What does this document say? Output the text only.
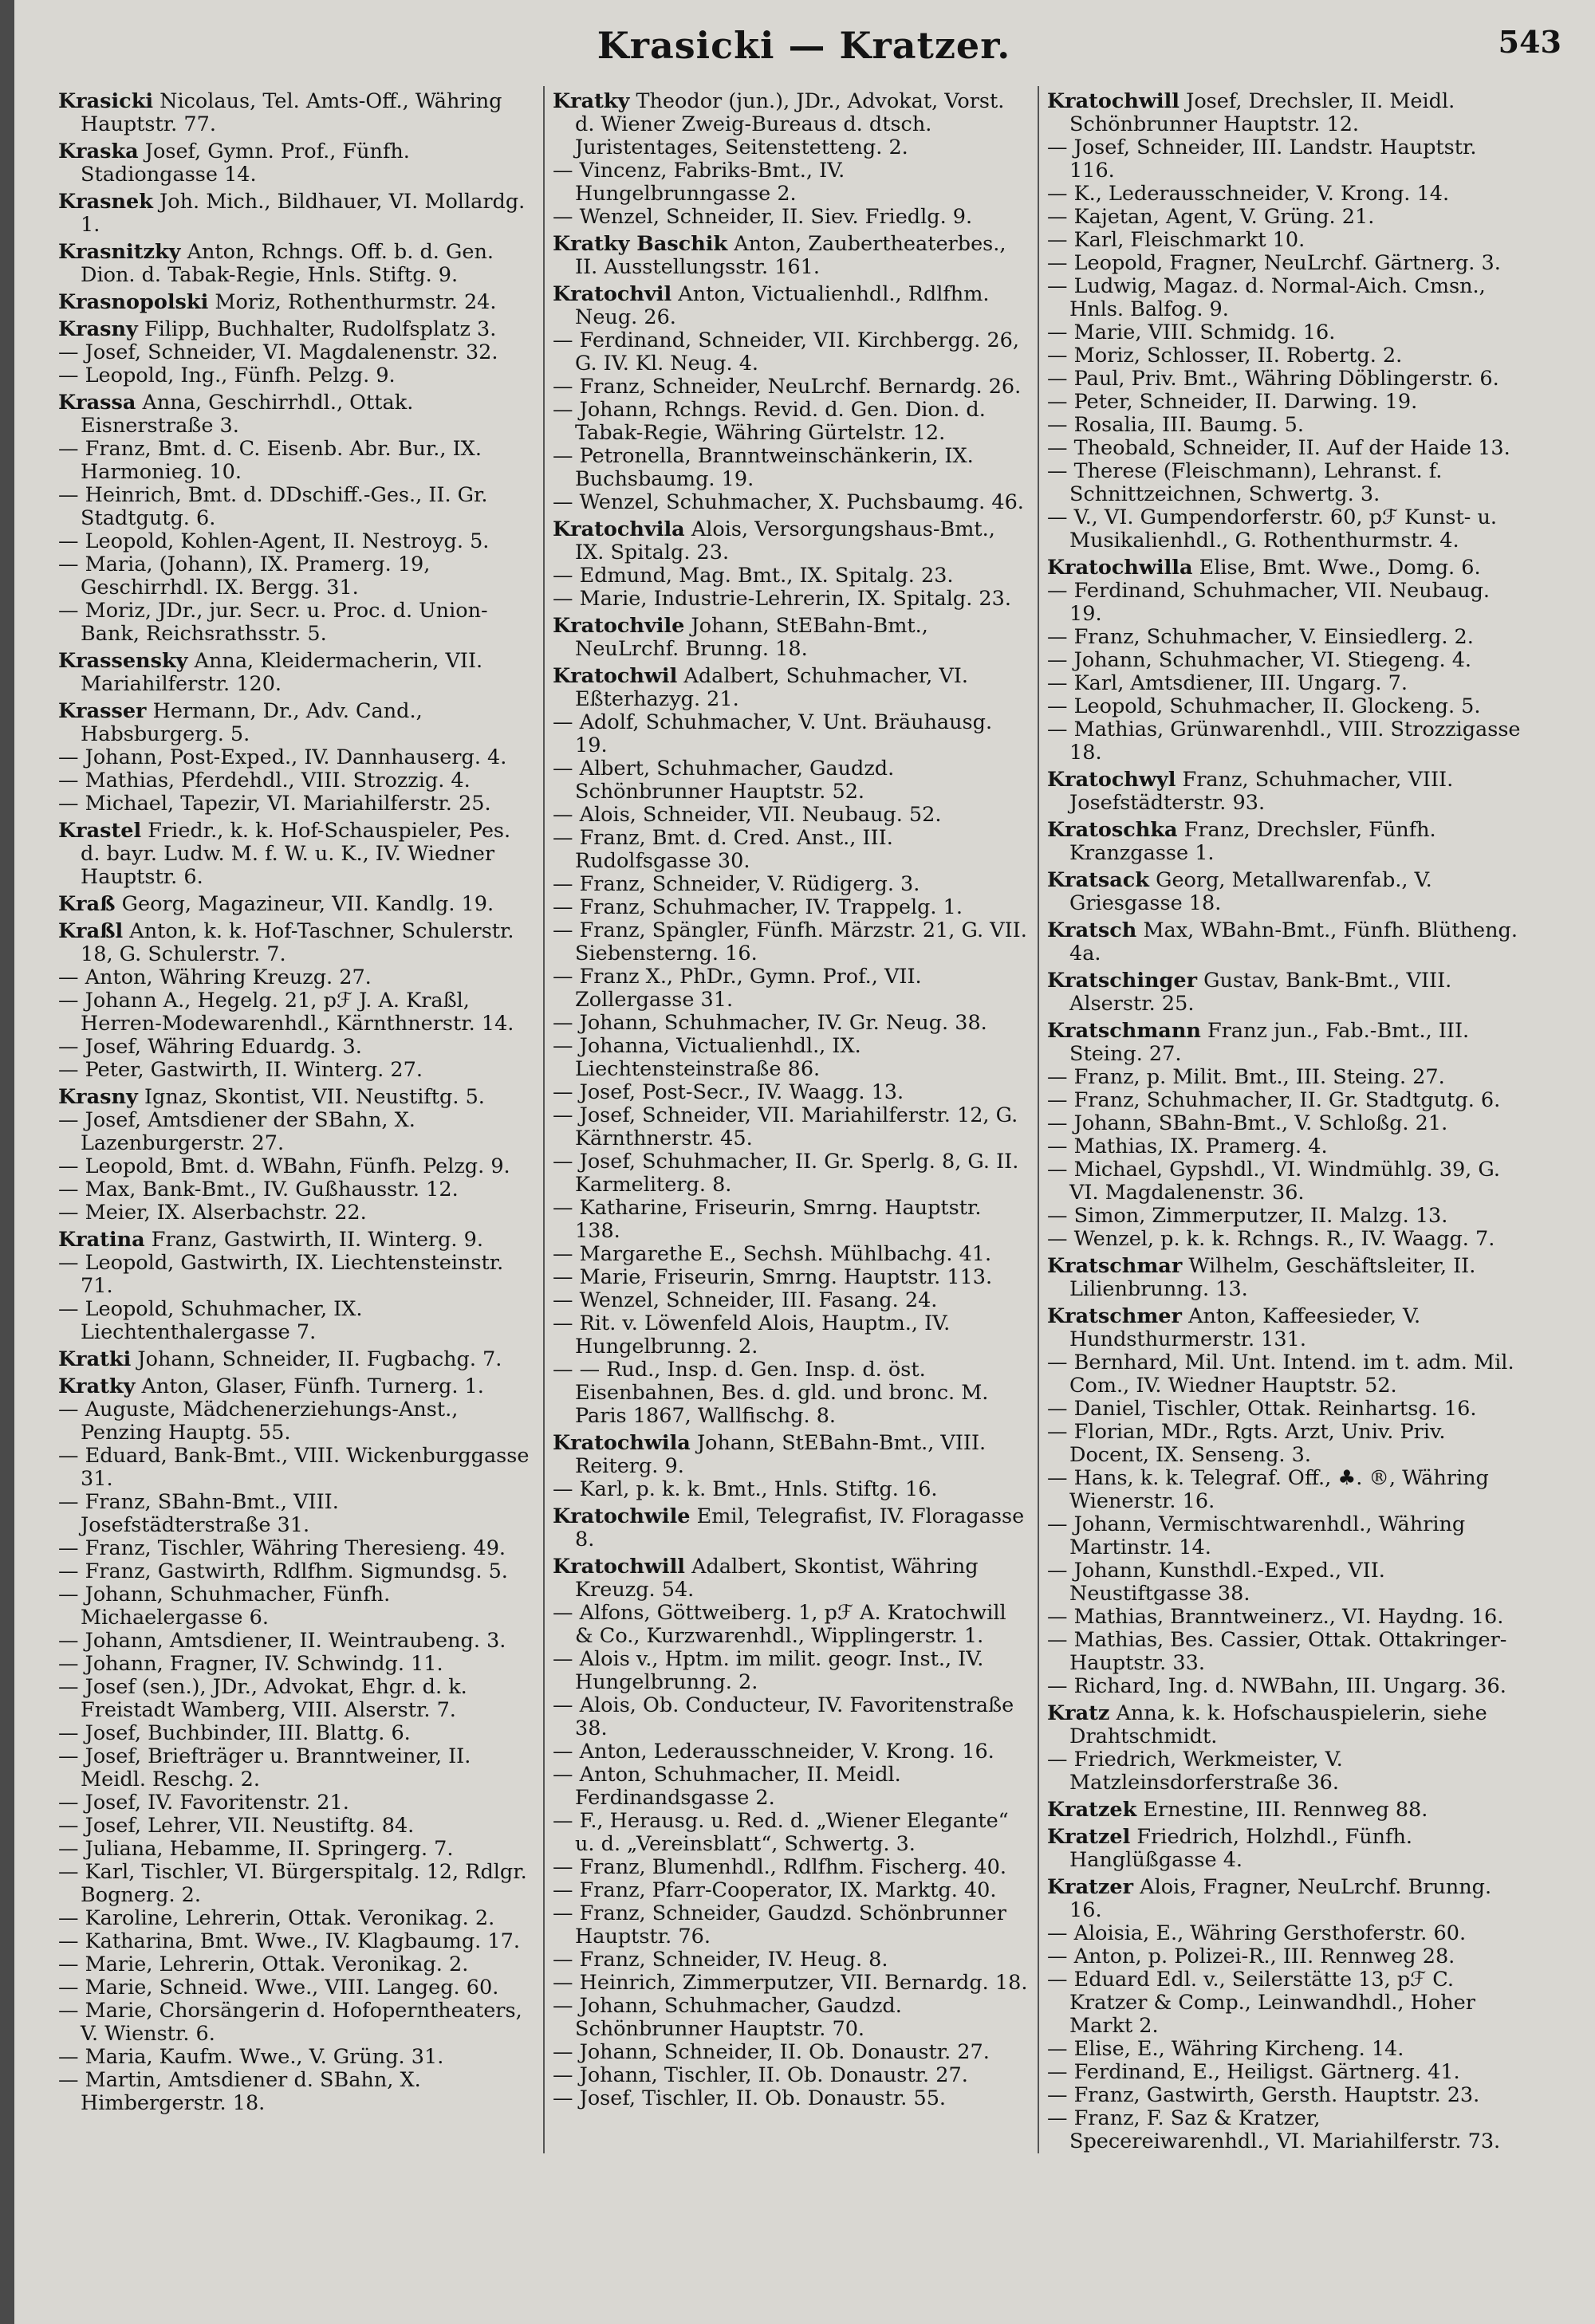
Krasicki — Kratzer.	543

Krasicki Nicolaus, Tel. Amts-Off., Währing Hauptstr. 77.

Kraska Josef, Gymn. Prof., Fünfh. Stadiongasse 14.

Krasnek Joh. Mich., Bildhauer, VI. Mollardg. 1.

Krasnitzky Anton, Rchngs. Off. b. d. Gen. Dion. d. Tabak-Regie, Hnls. Stiftg. 9.

Krasnopolski Moriz, Rothenthurmstr. 24.

Krasny Filipp, Buchhalter, Rudolfsplatz 3.

— Josef, Schneider, VI. Magdalenenstr. 32.

— Leopold, Ing., Fünfh. Pelzg. 9.

Krassa Anna, Geschirrhdl., Ottak. Eisnerstraße 3.

— Franz, Bmt. d. C. Eisenb. Abr. Bur., IX. Harmonieg. 10.

— Heinrich, Bmt. d. DDschiff.-Ges., II. Gr. Stadtgutg. 6.

— Leopold, Kohlen-Agent, II. Nestroyg. 5.

— Maria, (Johann), IX. Pramerg. 19, Geschirrhdl. IX. Bergg. 31.

— Moriz, JDr., jur. Secr. u. Proc. d. Union-Bank, Reichsrathsstr. 5.

Krassensky Anna, Kleidermacherin, VII. Mariahilferstr. 120.

Krasser Hermann, Dr., Adv. Cand., Habsburgerg. 5.

— Johann, Post-Exped., IV. Dannhauserg. 4.

— Mathias, Pferdehdl., VIII. Strozzig. 4.

— Michael, Tapezir, VI. Mariahilferstr. 25.

Krastel Friedr., k. k. Hof-Schauspieler, Pes. d. bayr. Ludw. M. f. W. u. K., IV. Wiedner Hauptstr. 6.

Kraß Georg, Magazineur, VII. Kandlg. 19.

Kraßl Anton, k. k. Hof-Taschner, Schulerstr. 18, G. Schulerstr. 7.

— Anton, Währing Kreuzg. 27.

— Johann A., Hegelg. 21, pℱ J. A. Kraßl, Herren-Modewarenhdl., Kärnthnerstr. 14.

— Josef, Währing Eduardg. 3.

— Peter, Gastwirth, II. Winterg. 27.

Krasny Ignaz, Skontist, VII. Neustiftg. 5.

— Josef, Amtsdiener der SBahn, X. Lazenburgerstr. 27.

— Leopold, Bmt. d. WBahn, Fünfh. Pelzg. 9.

— Max, Bank-Bmt., IV. Gußhausstr. 12.

— Meier, IX. Alserbachstr. 22.

Kratina Franz, Gastwirth, II. Winterg. 9.

— Leopold, Gastwirth, IX. Liechtensteinstr. 71.

— Leopold, Schuhmacher, IX. Liechtenthalergasse 7.

Kratki Johann, Schneider, II. Fugbachg. 7.

Kratky Anton, Glaser, Fünfh. Turnerg. 1.

— Auguste, Mädchenerziehungs-Anst., Penzing Hauptg. 55.

— Eduard, Bank-Bmt., VIII. Wickenburggasse 31.

— Franz, SBahn-Bmt., VIII. Josefstädterstraße 31.

— Franz, Tischler, Währing Theresieng. 49.

— Franz, Gastwirth, Rdlfhm. Sigmundsg. 5.

— Johann, Schuhmacher, Fünfh. Michaelergasse 6.

— Johann, Amtsdiener, II. Weintraubeng. 3.

— Johann, Fragner, IV. Schwindg. 11.

— Josef (sen.), JDr., Advokat, Ehgr. d. k. Freistadt Wamberg, VIII. Alserstr. 7.

— Josef, Buchbinder, III. Blattg. 6.

— Josef, Briefträger u. Branntweiner, II. Meidl. Reschg. 2.

— Josef, IV. Favoritenstr. 21.

— Josef, Lehrer, VII. Neustiftg. 84.

— Juliana, Hebamme, II. Springerg. 7.

— Karl, Tischler, VI. Bürgerspitalg. 12, Rdlgr. Bognerg. 2.

— Karoline, Lehrerin, Ottak. Veronikag. 2.

— Katharina, Bmt. Wwe., IV. Klagbaumg. 17.

— Marie, Lehrerin, Ottak. Veronikag. 2.

— Marie, Schneid. Wwe., VIII. Langeg. 60.

— Marie, Chorsängerin d. Hofoperntheaters, V. Wienstr. 6.

— Maria, Kaufm. Wwe., V. Grüng. 31.

— Martin, Amtsdiener d. SBahn, X. Himbergerstr. 18.

Kratky Theodor (jun.), JDr., Advokat, Vorst. d. Wiener Zweig-Bureaus d. dtsch. Juristentages, Seitenstetteng. 2.

— Vincenz, Fabriks-Bmt., IV. Hungelbrunngasse 2.

— Wenzel, Schneider, II. Siev. Friedlg. 9.

Kratky Baschik Anton, Zaubertheaterbes., II. Ausstellungsstr. 161.

Kratochvil Anton, Victualienhdl., Rdlfhm. Neug. 26.

— Ferdinand, Schneider, VII. Kirchbergg. 26, G. IV. Kl. Neug. 4.

— Franz, Schneider, NeuLrchf. Bernardg. 26.

— Johann, Rchngs. Revid. d. Gen. Dion. d. Tabak-Regie, Währing Gürtelstr. 12.

— Petronella, Branntweinschänkerin, IX. Buchsbaumg. 19.

— Wenzel, Schuhmacher, X. Puchsbaumg. 46.

Kratochvila Alois, Versorgungshaus-Bmt., IX. Spitalg. 23.

— Edmund, Mag. Bmt., IX. Spitalg. 23.

— Marie, Industrie-Lehrerin, IX. Spitalg. 23.

Kratochvile Johann, StEBahn-Bmt., NeuLrchf. Brunng. 18.

Kratochwil Adalbert, Schuhmacher, VI. Eßterhazyg. 21.

— Adolf, Schuhmacher, V. Unt. Bräuhausg. 19.

— Albert, Schuhmacher, Gaudzd. Schönbrunner Hauptstr. 52.

— Alois, Schneider, VII. Neubaug. 52.

— Franz, Bmt. d. Cred. Anst., III. Rudolfsgasse 30.

— Franz, Schneider, V. Rüdigerg. 3.

— Franz, Schuhmacher, IV. Trappelg. 1.

— Franz, Spängler, Fünfh. Märzstr. 21, G. VII. Siebensterng. 16.

— Franz X., PhDr., Gymn. Prof., VII. Zollergasse 31.

— Johann, Schuhmacher, IV. Gr. Neug. 38.

— Johanna, Victualienhdl., IX. Liechtensteinstraße 86.

— Josef, Post-Secr., IV. Waagg. 13.

— Josef, Schneider, VII. Mariahilferstr. 12, G. Kärnthnerstr. 45.

— Josef, Schuhmacher, II. Gr. Sperlg. 8, G. II. Karmeliterg. 8.

— Katharine, Friseurin, Smrng. Hauptstr. 138.

— Margarethe E., Sechsh. Mühlbachg. 41.

— Marie, Friseurin, Smrng. Hauptstr. 113.

— Wenzel, Schneider, III. Fasang. 24.

— Rit. v. Löwenfeld Alois, Hauptm., IV. Hungelbrunng. 2.

— — Rud., Insp. d. Gen. Insp. d. öst. Eisenbahnen, Bes. d. gld. und bronc. M. Paris 1867, Wallfischg. 8.

Kratochwila Johann, StEBahn-Bmt., VIII. Reiterg. 9.

— Karl, p. k. k. Bmt., Hnls. Stiftg. 16.

Kratochwile Emil, Telegrafist, IV. Floragasse 8.

Kratochwill Adalbert, Skontist, Währing Kreuzg. 54.

— Alfons, Göttweiberg. 1, pℱ A. Kratochwill & Co., Kurzwarenhdl., Wipplingerstr. 1.

— Alois v., Hptm. im milit. geogr. Inst., IV. Hungelbrunng. 2.

— Alois, Ob. Conducteur, IV. Favoritenstraße 38.

— Anton, Lederausschneider, V. Krong. 16.

— Anton, Schuhmacher, II. Meidl. Ferdinandsgasse 2.

— F., Herausg. u. Red. d. „Wiener Elegante“ u. d. „Vereinsblatt“, Schwertg. 3.

— Franz, Blumenhdl., Rdlfhm. Fischerg. 40.

— Franz, Pfarr-Cooperator, IX. Marktg. 40.

— Franz, Schneider, Gaudzd. Schönbrunner Hauptstr. 76.

— Franz, Schneider, IV. Heug. 8.

— Heinrich, Zimmerputzer, VII. Bernardg. 18.

— Johann, Schuhmacher, Gaudzd. Schönbrunner Hauptstr. 70.

— Johann, Schneider, II. Ob. Donaustr. 27.

— Johann, Tischler, II. Ob. Donaustr. 27.

— Josef, Tischler, II. Ob. Donaustr. 55.

Kratochwill Josef, Drechsler, II. Meidl. Schönbrunner Hauptstr. 12.

— Josef, Schneider, III. Landstr. Hauptstr. 116.

— K., Lederausschneider, V. Krong. 14.

— Kajetan, Agent, V. Grüng. 21.

— Karl, Fleischmarkt 10.

— Leopold, Fragner, NeuLrchf. Gärtnerg. 3.

— Ludwig, Magaz. d. Normal-Aich. Cmsn., Hnls. Balfog. 9.

— Marie, VIII. Schmidg. 16.

— Moriz, Schlosser, II. Robertg. 2.

— Paul, Priv. Bmt., Währing Döblingerstr. 6.

— Peter, Schneider, II. Darwing. 19.

— Rosalia, III. Baumg. 5.

— Theobald, Schneider, II. Auf der Haide 13.

— Therese (Fleischmann), Lehranst. f. Schnittzeichnen, Schwertg. 3.

— V., VI. Gumpendorferstr. 60, pℱ Kunst- u. Musikalienhdl., G. Rothenthurmstr. 4.

Kratochwilla Elise, Bmt. Wwe., Domg. 6.

— Ferdinand, Schuhmacher, VII. Neubaug. 19.

— Franz, Schuhmacher, V. Einsiedlerg. 2.

— Johann, Schuhmacher, VI. Stiegeng. 4.

— Karl, Amtsdiener, III. Ungarg. 7.

— Leopold, Schuhmacher, II. Glockeng. 5.

— Mathias, Grünwarenhdl., VIII. Strozzigasse 18.

Kratochwyl Franz, Schuhmacher, VIII. Josefstädterstr. 93.

Kratoschka Franz, Drechsler, Fünfh. Kranzgasse 1.

Kratsack Georg, Metallwarenfab., V. Griesgasse 18.

Kratsch Max, WBahn-Bmt., Fünfh. Blütheng. 4a.

Kratschinger Gustav, Bank-Bmt., VIII. Alserstr. 25.

Kratschmann Franz jun., Fab.-Bmt., III. Steing. 27.

— Franz, p. Milit. Bmt., III. Steing. 27.

— Franz, Schuhmacher, II. Gr. Stadtgutg. 6.

— Johann, SBahn-Bmt., V. Schloßg. 21.

— Mathias, IX. Pramerg. 4.

— Michael, Gypshdl., VI. Windmühlg. 39, G. VI. Magdalenenstr. 36.

— Simon, Zimmerputzer, II. Malzg. 13.

— Wenzel, p. k. k. Rchngs. R., IV. Waagg. 7.

Kratschmar Wilhelm, Geschäftsleiter, II. Lilienbrunng. 13.

Kratschmer Anton, Kaffeesieder, V. Hundsthurmerstr. 131.

— Bernhard, Mil. Unt. Intend. im t. adm. Mil. Com., IV. Wiedner Hauptstr. 52.

— Daniel, Tischler, Ottak. Reinhartsg. 16.

— Florian, MDr., Rgts. Arzt, Univ. Priv. Docent, IX. Senseng. 3.

— Hans, k. k. Telegraf. Off., ♣. ®, Währing Wienerstr. 16.

— Johann, Vermischtwarenhdl., Währing Martinstr. 14.

— Johann, Kunsthdl.-Exped., VII. Neustiftgasse 38.

— Mathias, Branntweinerz., VI. Haydng. 16.

— Mathias, Bes. Cassier, Ottak. Ottakringer-Hauptstr. 33.

— Richard, Ing. d. NWBahn, III. Ungarg. 36.

Kratz Anna, k. k. Hofschauspielerin, siehe Drahtschmidt.

— Friedrich, Werkmeister, V. Matzleinsdorferstraße 36.

Kratzek Ernestine, III. Rennweg 88.

Kratzel Friedrich, Holzhdl., Fünfh. Hanglüßgasse 4.

Kratzer Alois, Fragner, NeuLrchf. Brunng. 16.

— Aloisia, E., Währing Gersthoferstr. 60.

— Anton, p. Polizei-R., III. Rennweg 28.

— Eduard Edl. v., Seilerstätte 13, pℱ C. Kratzer & Comp., Leinwandhdl., Hoher Markt 2.

— Elise, E., Währing Kircheng. 14.

— Ferdinand, E., Heiligst. Gärtnerg. 41.

— Franz, Gastwirth, Gersth. Hauptstr. 23.

— Franz, F. Saz & Kratzer, Specereiwarenhdl., VI. Mariahilferstr. 73.
